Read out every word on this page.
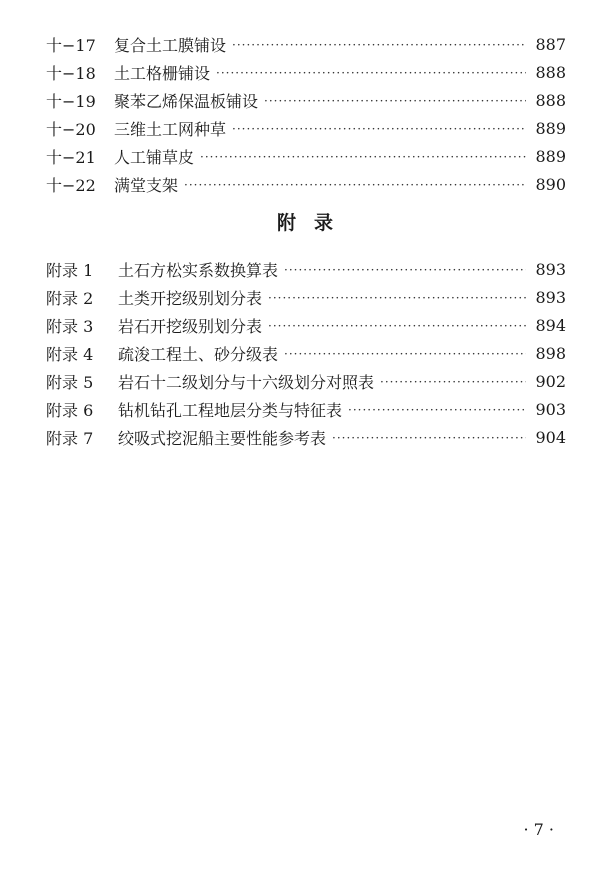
十−17	复合土工膜铺设 ·····	887
十−18	土工格栅铺设 ·····	888
十−19	聚苯乙烯保温板铺设 ·····	888
十−20	三维土工网种草 ·····	889
十−21	人工铺草皮 ·····	889
十−22	满堂支架 ·····	890
附录
附录 1	土石方松实系数换算表 ·····	893
附录 2	土类开挖级别划分表 ·····	893
附录 3	岩石开挖级别划分表 ·····	894
附录 4	疏浚工程土、砂分级表 ·····	898
附录 5	岩石十二级划分与十六级划分对照表 ·····	902
附录 6	钻机钻孔工程地层分类与特征表 ·····	903
附录 7	绞吸式挖泥船主要性能参考表 ·····	904
· 7 ·
